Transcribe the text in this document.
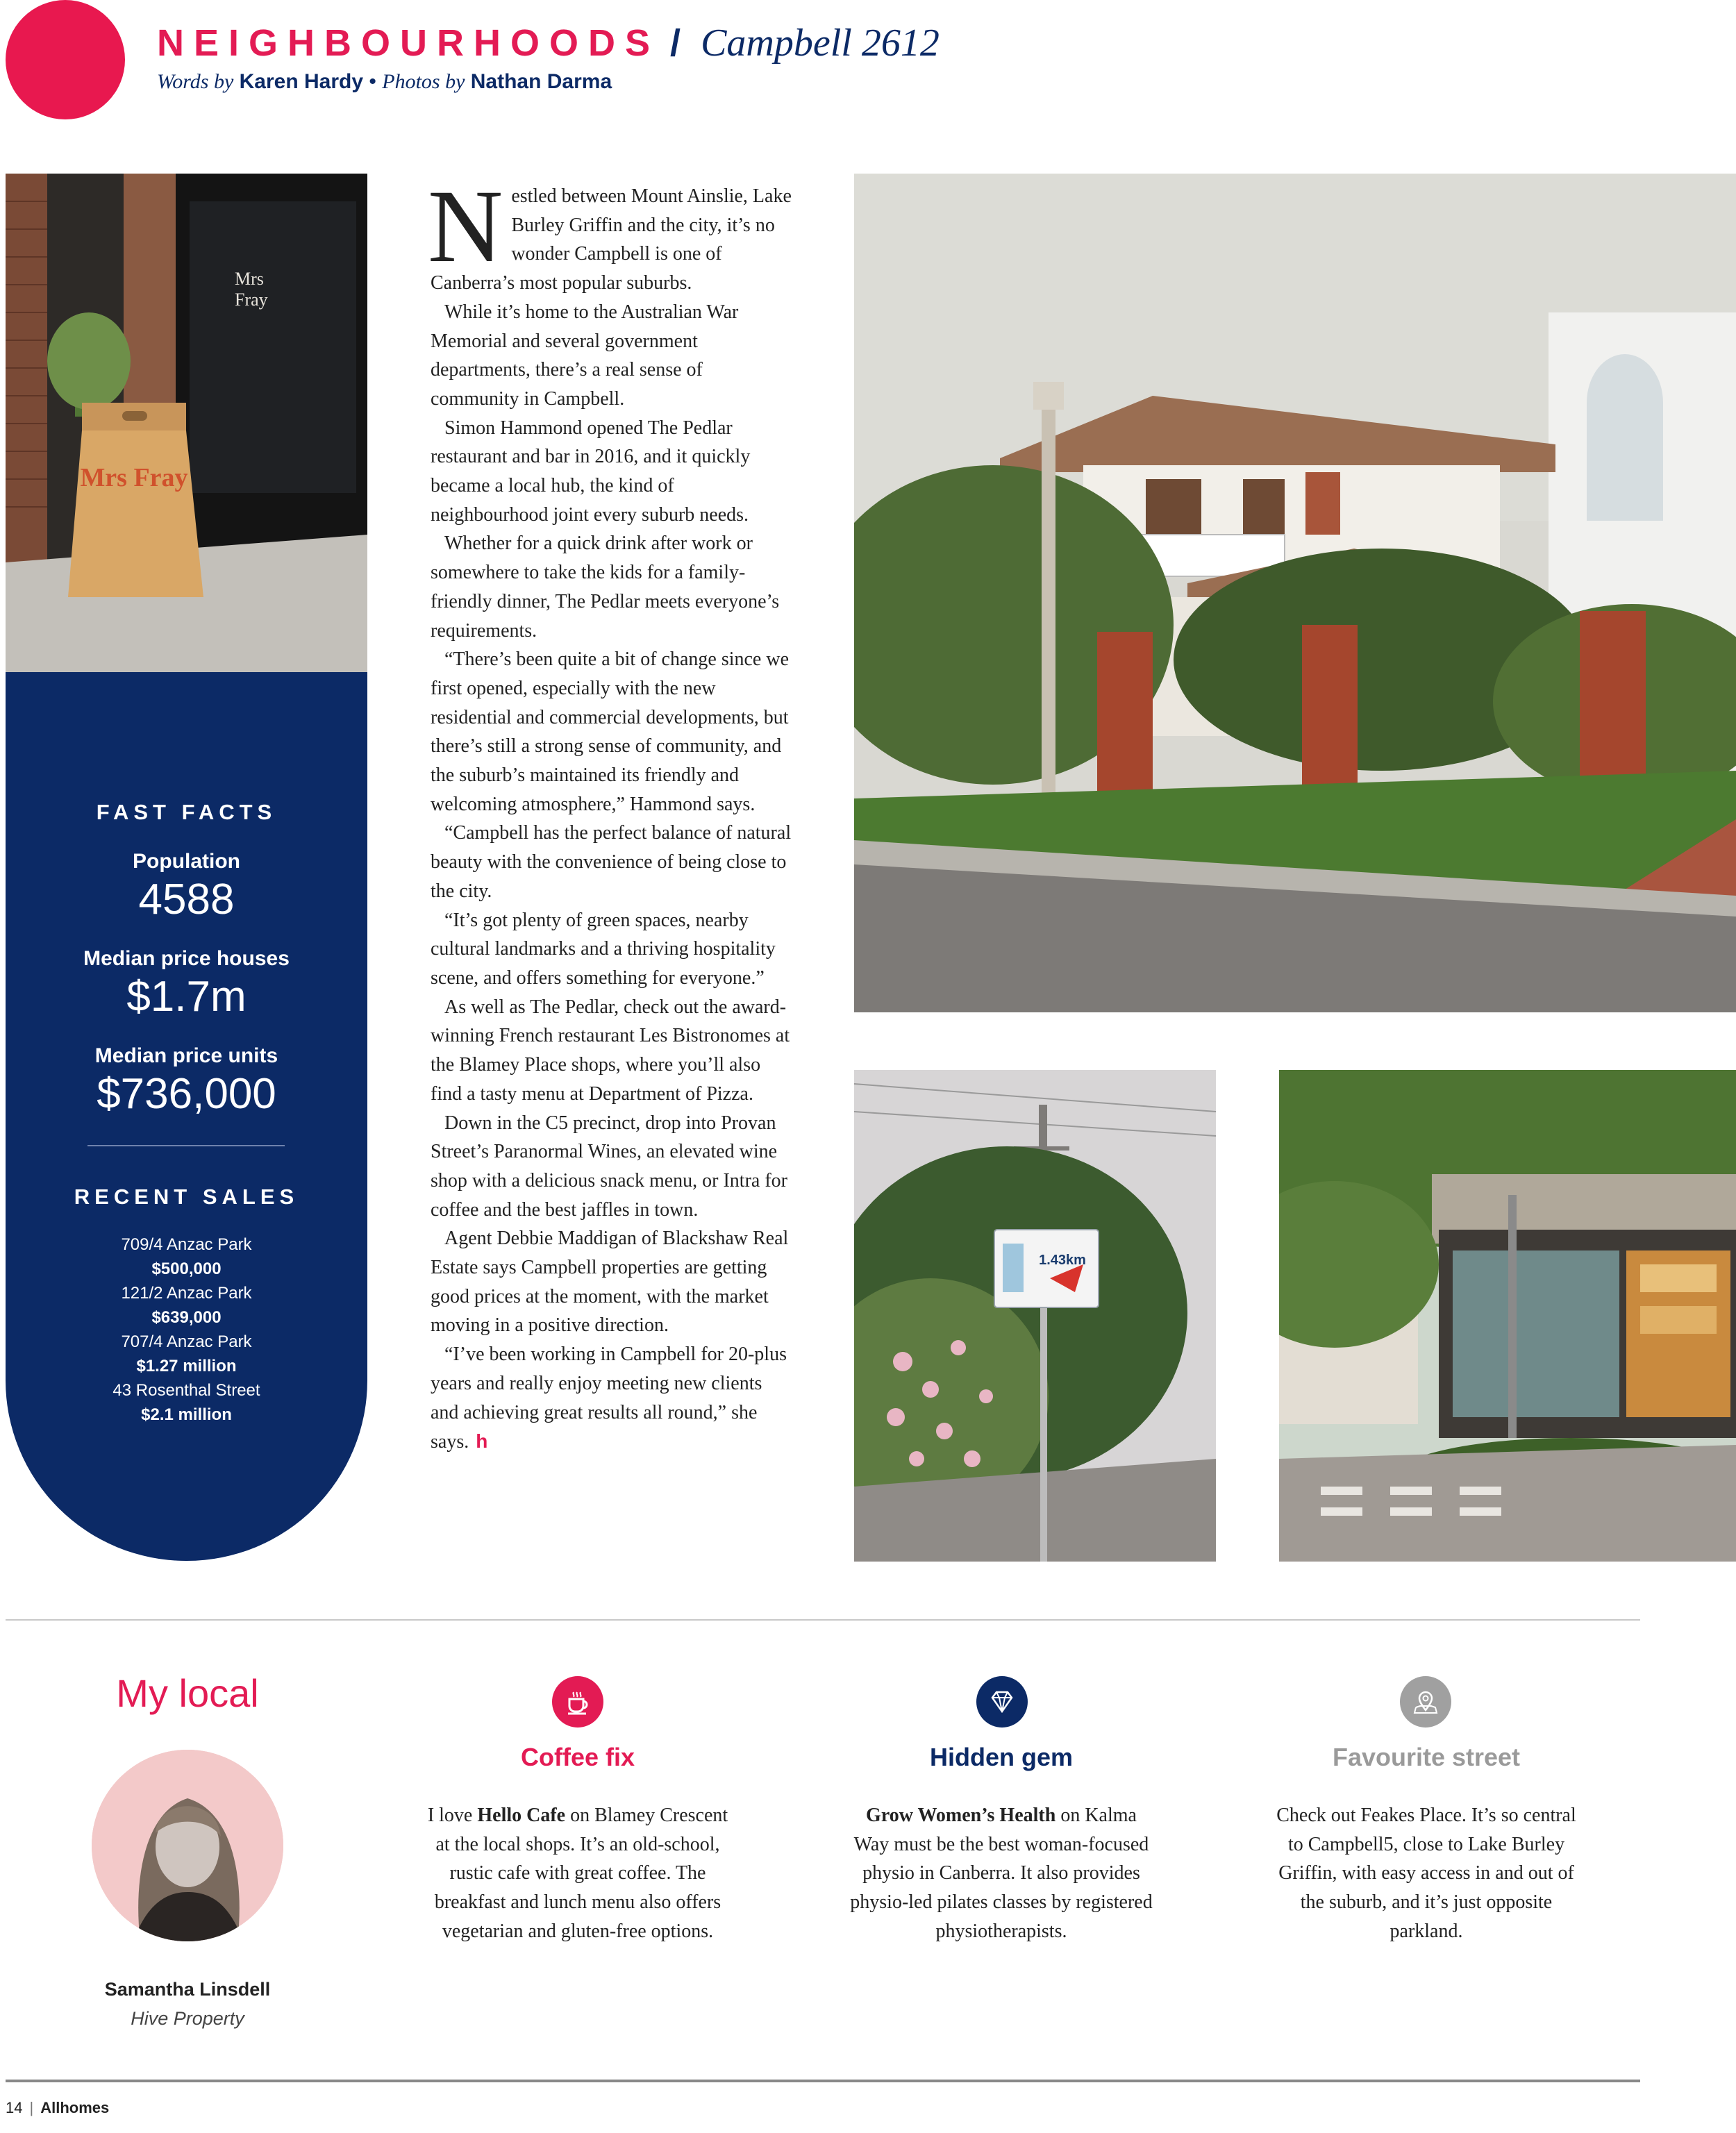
NEIGHBOURHOODS / Campbell 2612
Words by Karen Hardy • Photos by Nathan Darma
Mrs Fray
Mrs
Fray
FAST FACTS
Population
4588
Median price houses
$1.7m
Median price units
$736,000
RECENT SALES
709/4 Anzac Park
$500,000
121/2 Anzac Park
$639,000
707/4 Anzac Park
$1.27 million
43 Rosenthal Street
$2.1 million

Nestled between Mount Ainslie, Lake Burley Griffin and the city, it’s no wonder Campbell is one of Canberra’s most popular suburbs.

While it’s home to the Australian War Memorial and several government departments, there’s a real sense of community in Campbell.

Simon Hammond opened The Pedlar restaurant and bar in 2016, and it quickly became a local hub, the kind of neighbourhood joint every suburb needs.

Whether for a quick drink after work or somewhere to take the kids for a family-friendly dinner, The Pedlar meets everyone’s requirements.

“There’s been quite a bit of change since we first opened, especially with the new residential and commercial developments, but there’s still a strong sense of community, and the suburb’s maintained its friendly and welcoming atmosphere,” Hammond says.

“Campbell has the perfect balance of natural beauty with the convenience of being close to the city.

“It’s got plenty of green spaces, nearby cultural landmarks and a thriving hospitality scene, and offers something for everyone.”

As well as The Pedlar, check out the award-winning French restaurant Les Bistronomes at the Blamey Place shops, where you’ll also find a tasty menu at Department of Pizza.

Down in the C5 precinct, drop into Provan Street’s Paranormal Wines, an elevated wine shop with a delicious snack menu, or Intra for coffee and the best jaffles in town.

Agent Debbie Maddigan of Blackshaw Real Estate says Campbell properties are getting good prices at the moment, with the market moving in a positive direction.

“I’ve been working in Campbell for 20-plus years and really enjoy meeting new clients and achieving great results all round,” she says. h

1.43km
My local
Samantha Linsdell
Hive Property
Coffee fix
I love Hello Cafe on Blamey Crescent at the local shops. It’s an old-school, rustic cafe with great coffee. The breakfast and lunch menu also offers vegetarian and gluten-free options.
Hidden gem
Grow Women’s Health on Kalma Way must be the best woman-focused physio in Canberra. It also provides physio-led pilates classes by registered physiotherapists.
Favourite street
Check out Feakes Place. It’s so central to Campbell5, close to Lake Burley Griffin, with easy access in and out of the suburb, and it’s just opposite parkland.
14 | Allhomes
